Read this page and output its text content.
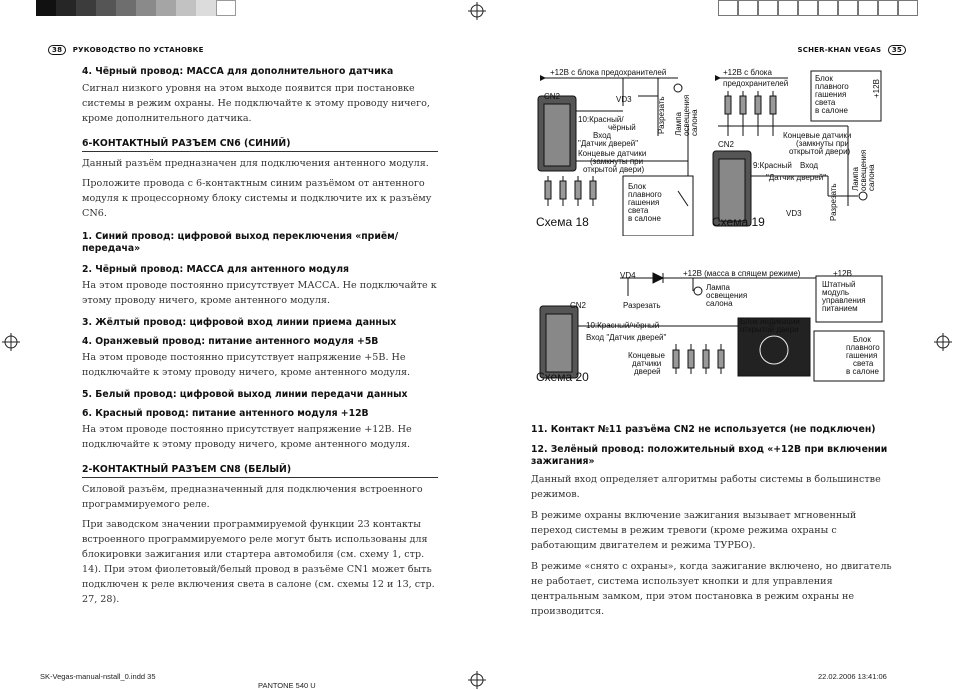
38 РУКОВОДСТВО ПО УСТАНОВКЕ	SCHER-KHAN VEGAS 35
4. Чёрный провод: МАССА для дополнительного датчика
Сигнал низкого уровня на этом выходе появится при постановке системы в режим охраны. Не подключайте к этому проводу ничего, кроме дополнительного датчика.
6-КОНТАКТНЫЙ РАЗЪЕМ CN6 (СИНИЙ)
Данный разъём предназначен для подключения антенного модуля.
Проложите провода с 6-контактным синим разъёмом от антенного модуля к процессорному блоку системы и подключите их к разъёму CN6.
1. Синий провод: цифровой выход переключения «приём/передача»
2. Чёрный провод: МАССА для антенного модуля
На этом проводе постоянно присутствует МАССА. Не подключайте к этому проводу ничего, кроме антенного модуля.
3. Жёлтый провод: цифровой вход линии приема данных
4. Оранжевый провод: питание антенного модуля +5В
На этом проводе постоянно присутствует напряжение +5В. Не подключайте к этому проводу ничего, кроме антенного модуля.
5. Белый провод: цифровой выход линии передачи данных
6. Красный провод: питание антенного модуля +12В
На этом проводе постоянно присутствует напряжение +12В. Не подключайте к этому проводу ничего, кроме антенного модуля.
2-КОНТАКТНЫЙ РАЗЪЕМ CN8 (БЕЛЫЙ)
Силовой разъём, предназначенный для подключения встроенного программируемого реле.
При заводском значении программируемой функции 23 контакты встроенного программируемого реле могут быть использованы для блокировки зажигания или стартера автомобиля (см. схему 1, стр. 14). При этом фиолетовый/белый провод в разъёме CN1 может быть подключен к реле включения света в салоне (см. схемы 12 и 13, стр. 27, 28).
+12В с блока предохранителей
CN2	VD3	Разрезать Лампа освещения салона
10:Красный/
чёрный
Вход
"Датчик дверей"
Концевые датчики
(замкнуты при
открытой двери)
Блок
плавного
гашения
света
в салоне
Схема 18
+12В с блока
предохранителей
Блок
плавного
гашения
света
в салоне
+12В
Концевые датчики
(замкнуты при
открытой двери)
CN2
9:Красный Вход
"Датчик дверей"	Лампа освещения салона
Разрезать
VD3
Схема 19
VD4	+12В (масса в спящем режиме)	+12В
Разрезать
Лампа
освещения
салона
Штатный
модуль
управления
питанием
CN2
10:Красный/чёрный
Вход "Датчик дверей"
Блок индикации
открытой двери
Концевые
датчики
дверей
Блок
плавного
гашения
света
в салоне
Схема 20
11. Контакт №11 разъёма CN2 не используется (не подключен)
12. Зелёный провод: положительный вход «+12В при включении зажигания»
Данный вход определяет алгоритмы работы системы в большинстве режимов.
В режиме охраны включение зажигания вызывает мгновенный переход системы в режим тревоги (кроме режима охраны с работающим двигателем и режима ТУРБО).
В режиме «снято с охраны», когда зажигание включено, но двигатель не работает, система использует кнопки и для управления центральным замком, при этом постановка в режим охраны не производится.
SK-Vegas-manual-nstall_0.indd 35
PANTONE 540 U
22.02.2006 13:41:06
